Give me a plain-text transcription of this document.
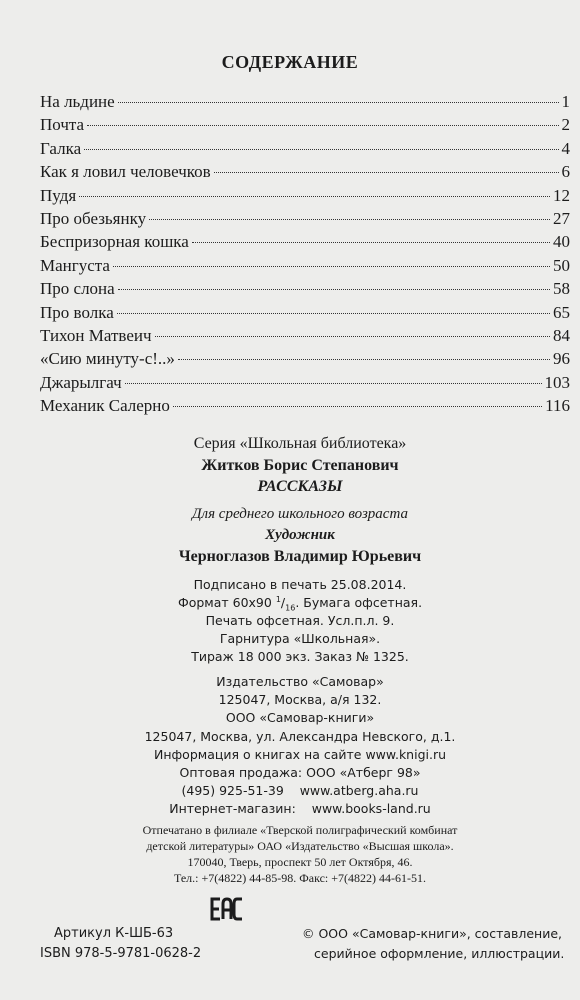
СОДЕРЖАНИЕ
На льдине	1
Почта	2
Галка	4
Как я ловил человечков	6
Пудя	12
Про обезьянку	27
Беспризорная кошка	40
Мангуста	50
Про слона	58
Про волка	65
Тихон Матвеич	84
«Сию минуту-с!..»	96
Джарылгач	103
Механик Салерно	116
Серия «Школьная библиотека»
Житков Борис Степанович
РАССКАЗЫ
Для среднего школьного возраста
Художник
Черноглазов Владимир Юрьевич
Подписано в печать 25.08.2014.
Формат 60x90 $^1/_{16}$. Бумага офсетная.
Печать офсетная. Усл.п.л. 9.
Гарнитура «Школьная».
Тираж 18 000 экз. Заказ № 1325.
Издательство «Самовар»
125047, Москва, а/я 132.
ООО «Самовар-книги»
125047, Москва, ул. Александра Невского, д.1.
Информация о книгах на сайте www.knigi.ru
Оптовая продажа: ООО «Атберг 98»
(495) 925-51-39 www.atberg.aha.ru
Интернет-магазин: www.books-land.ru
Отпечатано в филиале «Тверской полиграфический комбинат
детской литературы» ОАО «Издательство «Высшая школа».
170040, Тверь, проспект 50 лет Октября, 46.
Тел.: +7(4822) 44-85-98. Факс: +7(4822) 44-61-51.
Артикул К-ШБ-63
ISBN 978-5-9781-0628-2
© ООО «Самовар-книги», составление,
серийное оформление, иллюстрации.
